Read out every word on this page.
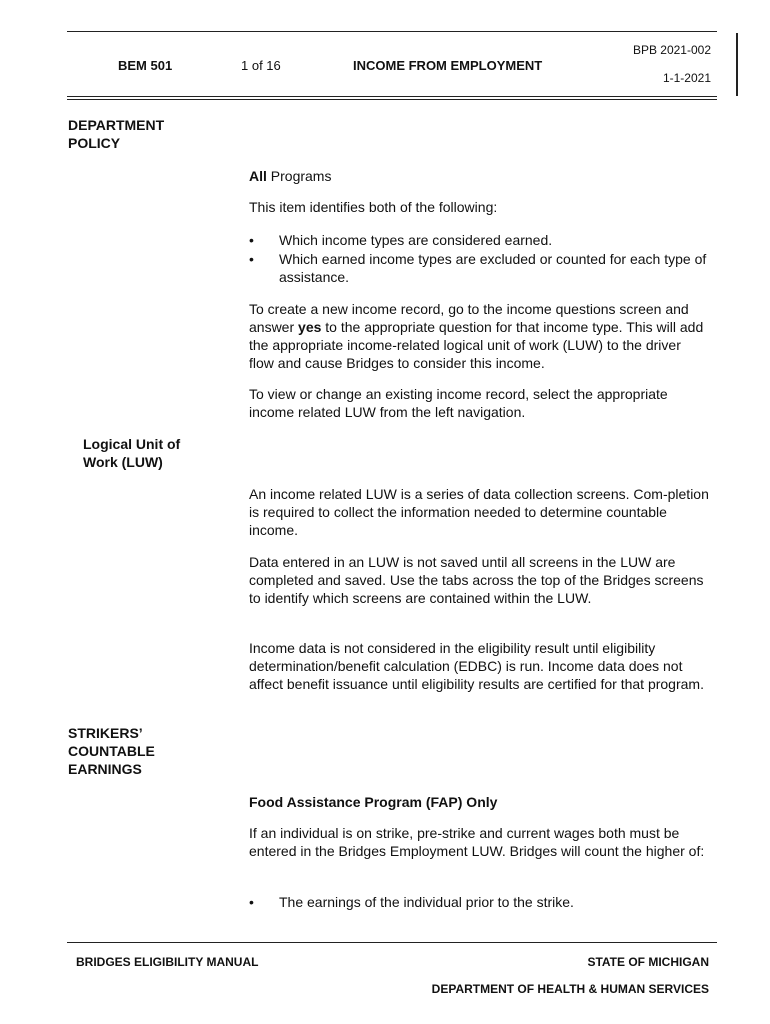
BEM 501	1 of 16	INCOME FROM EMPLOYMENT
BPB 2021-002
1-1-2021
DEPARTMENT
POLICY
All Programs
This item identifies both of the following:
•	Which income types are considered earned.
•	Which earned income types are excluded or counted for each type of assistance.
To create a new income record, go to the income questions screen and answer yes to the appropriate question for that income type. This will add the appropriate income-related logical unit of work (LUW) to the driver flow and cause Bridges to consider this income.
To view or change an existing income record, select the appropriate income related LUW from the left navigation.
Logical Unit of
Work (LUW)
An income related LUW is a series of data collection screens. Com-pletion is required to collect the information needed to determine countable income.
Data entered in an LUW is not saved until all screens in the LUW are completed and saved. Use the tabs across the top of the Bridges screens to identify which screens are contained within the LUW.
Income data is not considered in the eligibility result until eligibility determination/benefit calculation (EDBC) is run. Income data does not affect benefit issuance until eligibility results are certified for that program.
STRIKERS’
COUNTABLE
EARNINGS
Food Assistance Program (FAP) Only
If an individual is on strike, pre-strike and current wages both must be entered in the Bridges Employment LUW. Bridges will count the higher of:
•	The earnings of the individual prior to the strike.
BRIDGES ELIGIBILITY MANUAL	STATE OF MICHIGAN
DEPARTMENT OF HEALTH & HUMAN SERVICES
